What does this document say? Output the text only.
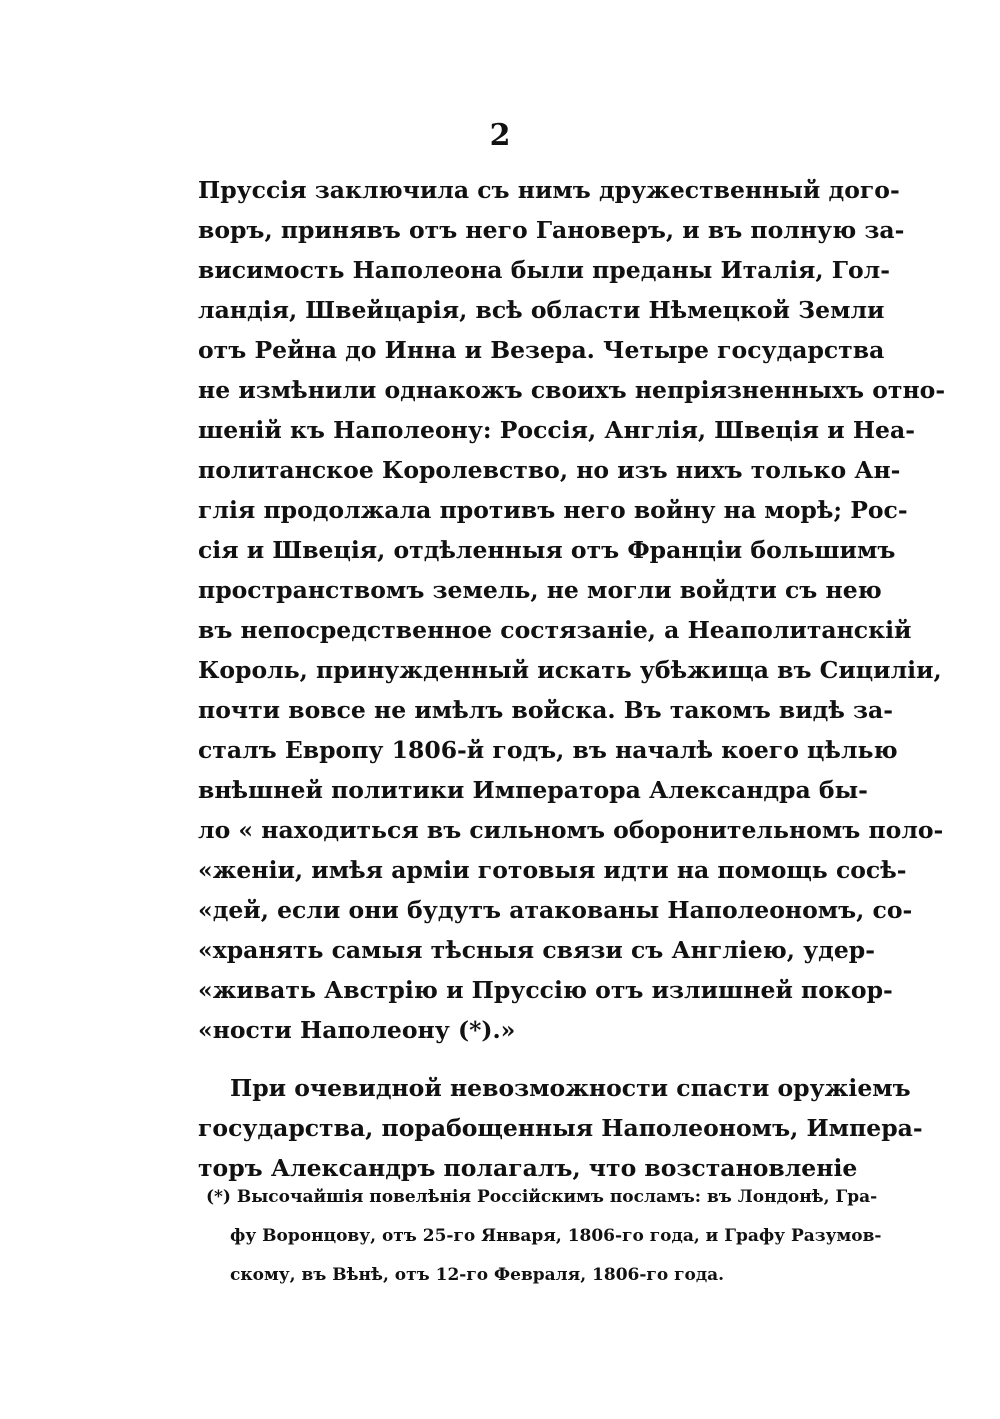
2
Пруссія заключила съ нимъ дружественный дого-
воръ, принявъ отъ него Гановеръ, и въ полную за-
висимость Наполеона были преданы Италія, Гол-
ландія, Швейцарія, всѣ области Нѣмецкой Земли
отъ Рейна до Инна и Везера. Четыре государства
не измѣнили однакожъ своихъ непріязненныхъ отно-
шеній къ Наполеону: Россія, Англія, Швеція и Неа-
политанское Королевство, но изъ нихъ только Ан-
глія продолжала противъ него войну на морѣ; Рос-
сія и Швеція, отдѣленныя отъ Франціи большимъ
пространствомъ земель, не могли войдти съ нею
въ непосредственное состязаніе, а Неаполитанскій
Король, принужденный искать убѣжища въ Сициліи,
почти вовсе не имѣлъ войска. Въ такомъ видѣ за-
сталъ Европу 1806-й годъ, въ началѣ коего цѣлью
внѣшней политики Императора Александра бы-
ло « находиться въ сильномъ оборонительномъ поло-
«женіи, имѣя арміи готовыя идти на помощь сосѣ-
«дей, если они будутъ атакованы Наполеономъ, со-
«хранять самыя тѣсныя связи съ Англіею, удер-
«живать Австрію и Пруссію отъ излишней покор-
«ности Наполеону (*).»
При очевидной невозможности спасти оружіемъ
государства, порабощенныя Наполеономъ, Импера-
торъ Александръ полагалъ, что возстановленіе
(*) Высочайшія повелѣнія Россійскимъ посламъ: въ Лондонѣ, Гра-
фу Воронцову, отъ 25-го Января, 1806-го года, и Графу Разумов-
скому, въ Вѣнѣ, отъ 12-го Февраля, 1806-го года.
